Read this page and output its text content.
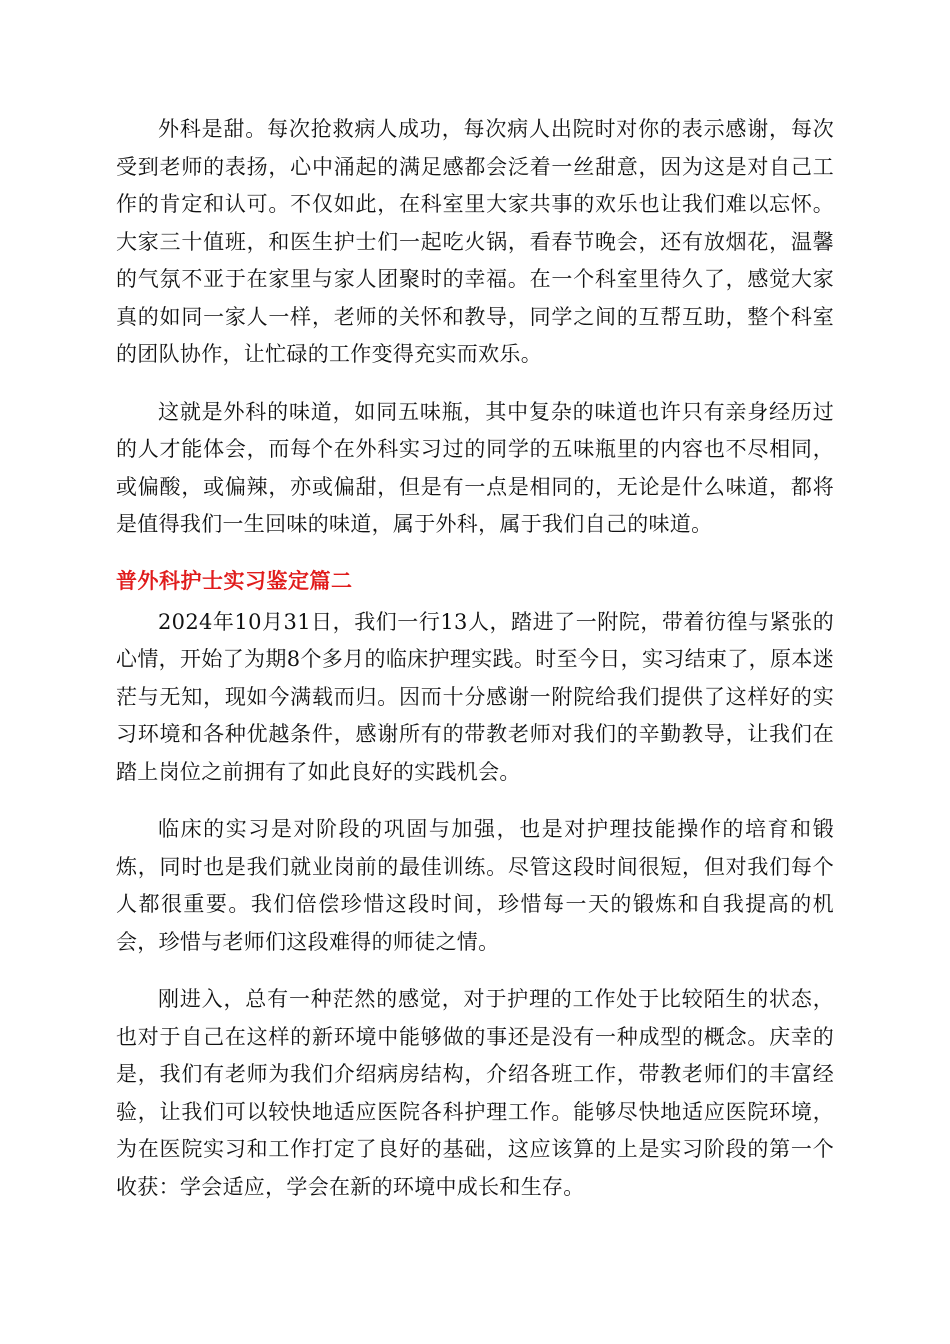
外科是甜。每次抢救病人成功，每次病人出院时对你的表示感谢，每次受到老师的表扬，心中涌起的满足感都会泛着一丝甜意，因为这是对自己工作的肯定和认可。不仅如此，在科室里大家共事的欢乐也让我们难以忘怀。大家三十值班，和医生护士们一起吃火锅，看春节晚会，还有放烟花，温馨的气氛不亚于在家里与家人团聚时的幸福。在一个科室里待久了，感觉大家真的如同一家人一样，老师的关怀和教导，同学之间的互帮互助，整个科室的团队协作，让忙碌的工作变得充实而欢乐。

这就是外科的味道，如同五味瓶，其中复杂的味道也许只有亲身经历过的人才能体会，而每个在外科实习过的同学的五味瓶里的内容也不尽相同，或偏酸，或偏辣，亦或偏甜，但是有一点是相同的，无论是什么味道，都将是值得我们一生回味的味道，属于外科，属于我们自己的味道。

普外科护士实习鉴定篇二

2024年10月31日，我们一行13人，踏进了一附院，带着彷徨与紧张的心情，开始了为期8个多月的临床护理实践。时至今日，实习结束了，原本迷茫与无知，现如今满载而归。因而十分感谢一附院给我们提供了这样好的实习环境和各种优越条件，感谢所有的带教老师对我们的辛勤教导，让我们在踏上岗位之前拥有了如此良好的实践机会。

临床的实习是对阶段的巩固与加强，也是对护理技能操作的培育和锻炼，同时也是我们就业岗前的最佳训练。尽管这段时间很短，但对我们每个人都很重要。我们倍偿珍惜这段时间，珍惜每一天的锻炼和自我提高的机会，珍惜与老师们这段难得的师徒之情。

刚进入，总有一种茫然的感觉，对于护理的工作处于比较陌生的状态，也对于自己在这样的新环境中能够做的事还是没有一种成型的概念。庆幸的是，我们有老师为我们介绍病房结构，介绍各班工作，带教老师们的丰富经验，让我们可以较快地适应医院各科护理工作。能够尽快地适应医院环境，为在医院实习和工作打定了良好的基础，这应该算的上是实习阶段的第一个收获：学会适应，学会在新的环境中成长和生存。
